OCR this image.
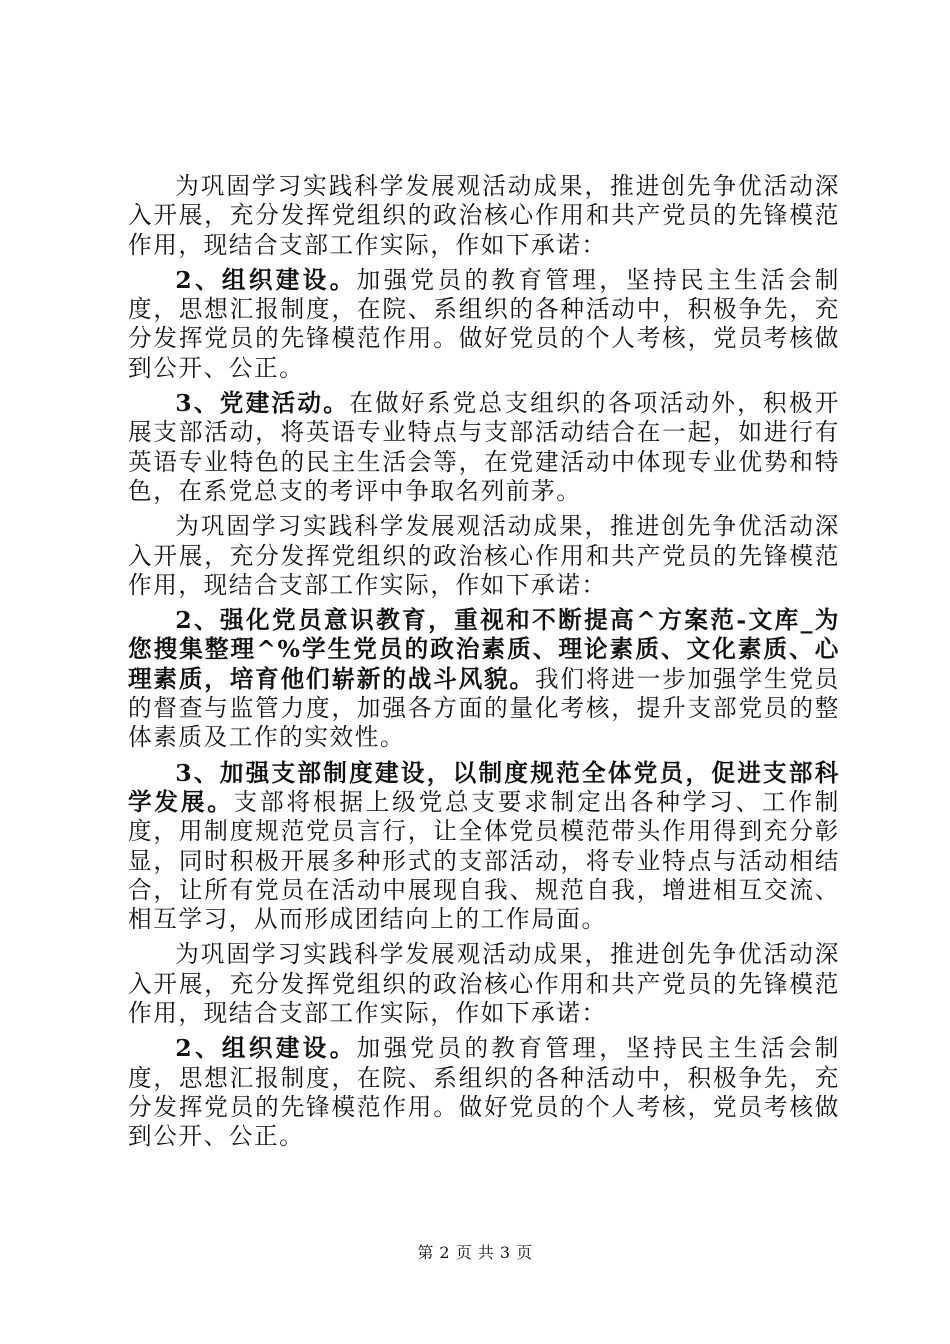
为巩固学习实践科学发展观活动成果，推进创先争优活动深入开展，充分发挥党组织的政治核心作用和共产党员的先锋模范作用，现结合支部工作实际，作如下承诺：

2、组织建设。加强党员的教育管理，坚持民主生活会制度，思想汇报制度，在院、系组织的各种活动中，积极争先，充分发挥党员的先锋模范作用。做好党员的个人考核，党员考核做到公开、公正。

3、党建活动。在做好系党总支组织的各项活动外，积极开展支部活动，将英语专业特点与支部活动结合在一起，如进行有英语专业特色的民主生活会等，在党建活动中体现专业优势和特色，在系党总支的考评中争取名列前茅。

为巩固学习实践科学发展观活动成果，推进创先争优活动深入开展，充分发挥党组织的政治核心作用和共产党员的先锋模范作用，现结合支部工作实际，作如下承诺：

2、强化党员意识教育，重视和不断提高^方案范-文库_为您搜集整理^%学生党员的政治素质、理论素质、文化素质、心理素质，培育他们崭新的战斗风貌。我们将进一步加强学生党员的督查与监管力度，加强各方面的量化考核，提升支部党员的整体素质及工作的实效性。

3、加强支部制度建设，以制度规范全体党员，促进支部科学发展。支部将根据上级党总支要求制定出各种学习、工作制度，用制度规范党员言行，让全体党员模范带头作用得到充分彰显，同时积极开展多种形式的支部活动，将专业特点与活动相结合，让所有党员在活动中展现自我、规范自我，增进相互交流、相互学习，从而形成团结向上的工作局面。

为巩固学习实践科学发展观活动成果，推进创先争优活动深入开展，充分发挥党组织的政治核心作用和共产党员的先锋模范作用，现结合支部工作实际，作如下承诺：

2、组织建设。加强党员的教育管理，坚持民主生活会制度，思想汇报制度，在院、系组织的各种活动中，积极争先，充分发挥党员的先锋模范作用。做好党员的个人考核，党员考核做到公开、公正。

第 2 页 共 3 页
